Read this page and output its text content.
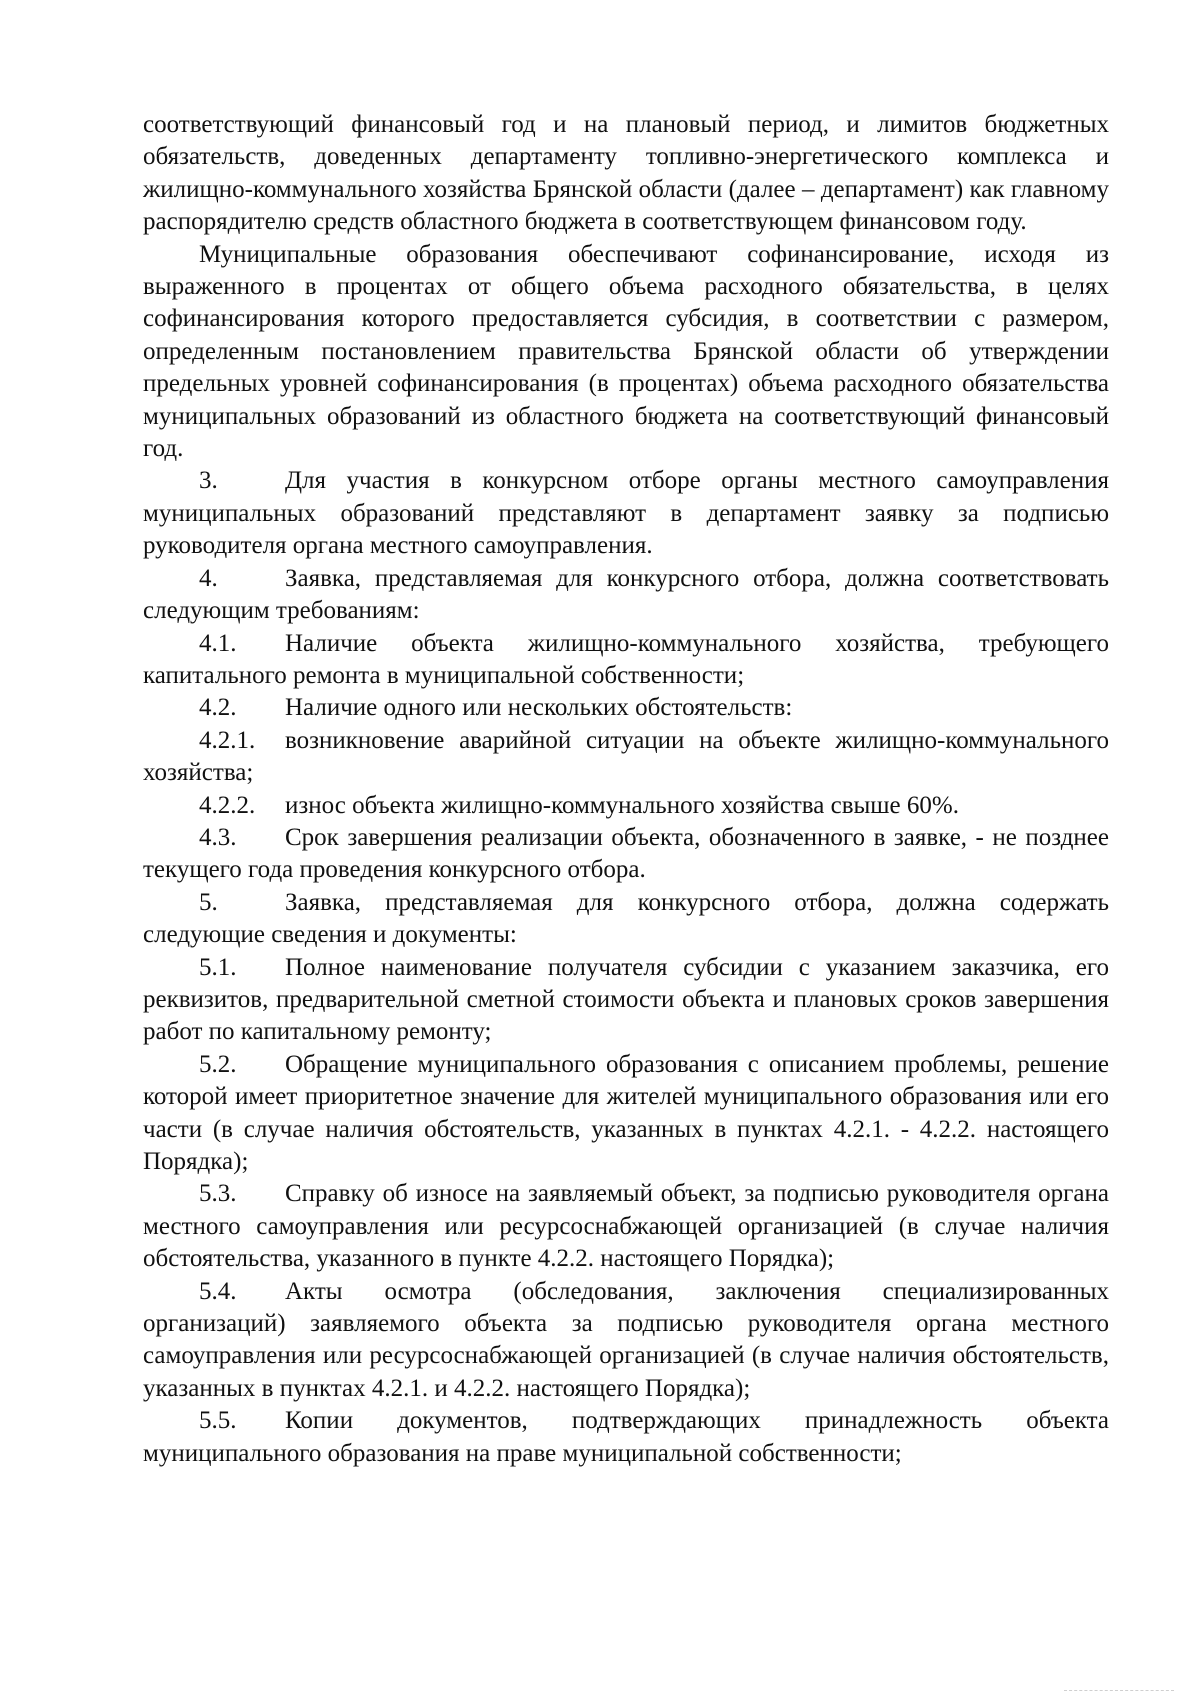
соответствующий финансовый год и на плановый период, и лимитов бюджетных обязательств, доведенных департаменту топливно-энергетического комплекса и жилищно-коммунального хозяйства Брянской области (далее – департамент) как главному распорядителю средств областного бюджета в соответствующем финансовом году.

Муниципальные образования обеспечивают софинансирование, исходя из выраженного в процентах от общего объема расходного обязательства, в целях софинансирования которого предоставляется субсидия, в соответствии с размером, определенным постановлением правительства Брянской области об утверждении предельных уровней софинансирования (в процентах) объема расходного обязательства муниципальных образований из областного бюджета на соответствующий финансовый год.

3.	Для участия в конкурсном отборе органы местного самоуправления муниципальных образований представляют в департамент заявку за подписью руководителя органа местного самоуправления.

4.	Заявка, представляемая для конкурсного отбора, должна соответствовать следующим требованиям:

4.1. Наличие объекта жилищно-коммунального хозяйства, требующего капитального ремонта в муниципальной собственности;

4.2. Наличие одного или нескольких обстоятельств:

4.2.1. возникновение аварийной ситуации на объекте жилищно-коммунального хозяйства;

4.2.2. износ объекта жилищно-коммунального хозяйства свыше 60%.

4.3. Срок завершения реализации объекта, обозначенного в заявке, - не позднее текущего года проведения конкурсного отбора.

5.	Заявка, представляемая для конкурсного отбора, должна содержать следующие сведения и документы:

5.1. Полное наименование получателя субсидии с указанием заказчика, его реквизитов, предварительной сметной стоимости объекта и плановых сроков завершения работ по капитальному ремонту;

5.2. Обращение муниципального образования с описанием проблемы, решение которой имеет приоритетное значение для жителей муниципального образования или его части (в случае наличия обстоятельств, указанных в пунктах 4.2.1. - 4.2.2. настоящего Порядка);

5.3. Справку об износе на заявляемый объект, за подписью руководителя органа местного самоуправления или ресурсоснабжающей организацией (в случае наличия обстоятельства, указанного в пункте 4.2.2. настоящего Порядка);

5.4. Акты осмотра (обследования, заключения специализированных организаций) заявляемого объекта за подписью руководителя органа местного самоуправления или ресурсоснабжающей организацией (в случае наличия обстоятельств, указанных в пунктах 4.2.1. и 4.2.2. настоящего Порядка);

5.5. Копии документов, подтверждающих принадлежность объекта муниципального образования на праве муниципальной собственности;
